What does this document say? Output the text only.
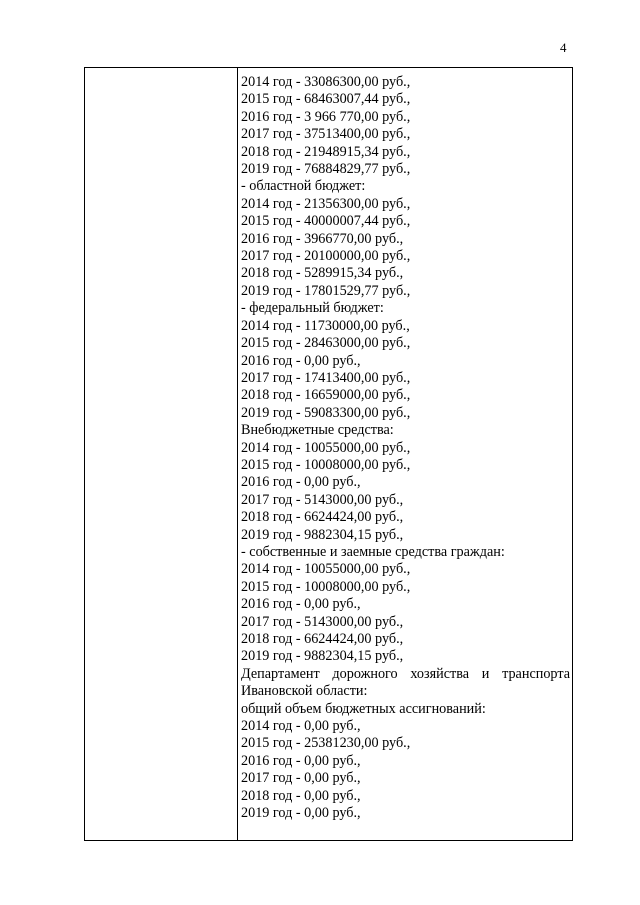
4
2014 год - 33086300,00 руб.,
2015 год - 68463007,44 руб.,
2016 год - 3 966 770,00 руб.,
2017 год - 37513400,00 руб.,
2018 год - 21948915,34 руб.,
2019 год - 76884829,77 руб.,
- областной бюджет:
2014 год - 21356300,00 руб.,
2015 год - 40000007,44 руб.,
2016 год - 3966770,00 руб.,
2017 год - 20100000,00 руб.,
2018 год - 5289915,34 руб.,
2019 год - 17801529,77 руб.,
- федеральный бюджет:
2014 год - 11730000,00 руб.,
2015 год - 28463000,00 руб.,
2016 год - 0,00 руб.,
2017 год - 17413400,00 руб.,
2018 год - 16659000,00 руб.,
2019 год - 59083300,00 руб.,
Внебюджетные средства:
2014 год - 10055000,00 руб.,
2015 год - 10008000,00 руб.,
2016 год - 0,00 руб.,
2017 год - 5143000,00 руб.,
2018 год - 6624424,00 руб.,
2019 год - 9882304,15 руб.,
- собственные и заемные средства граждан:
2014 год - 10055000,00 руб.,
2015 год - 10008000,00 руб.,
2016 год - 0,00 руб.,
2017 год - 5143000,00 руб.,
2018 год - 6624424,00 руб.,
2019 год - 9882304,15 руб.,
Департамент дорожного хозяйства и транспорта
Ивановской области:
общий объем бюджетных ассигнований:
2014 год - 0,00 руб.,
2015 год - 25381230,00 руб.,
2016 год - 0,00 руб.,
2017 год - 0,00 руб.,
2018 год - 0,00 руб.,
2019 год - 0,00 руб.,
